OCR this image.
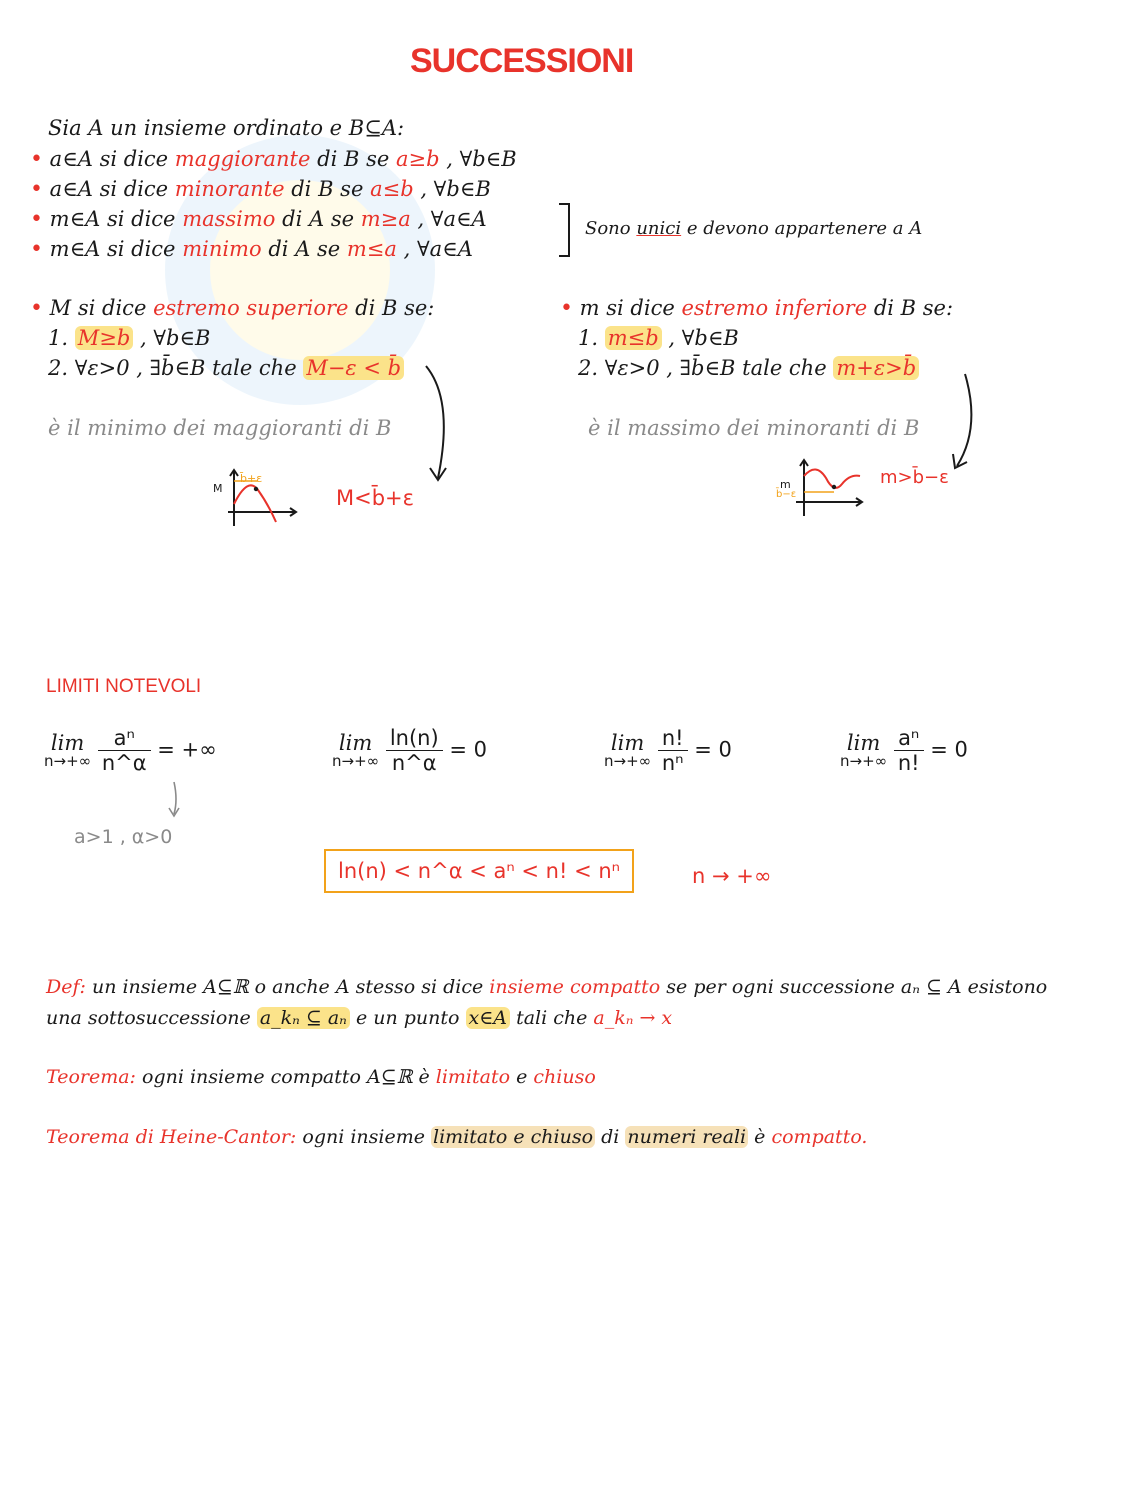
SUCCESSIONI
Sia A un insieme ordinato e B⊆A:
• a∈A si dice maggiorante di B se a≥b , ∀b∈B
• a∈A si dice minorante di B se a≤b , ∀b∈B
• m∈A si dice massimo di A se m≥a , ∀a∈A
• m∈A si dice minimo di A se m≤a , ∀a∈A
Sono unici e devono appartenere a A
• M si dice estremo superiore di B se:
1. M≥b , ∀b∈B
2. ∀ε>0 , ∃b̄∈B tale che M−ε < b̄
è il minimo dei maggioranti di B
M
b̄+ε
M<b̄+ε
• m si dice estremo inferiore di B se:
1. m≤b , ∀b∈B
2. ∀ε>0 , ∃b̄∈B tale che m+ε>b̄
è il massimo dei minoranti di B
m
b̄−ε
m>b̄−ε
LIMITI NOTEVOLI
lim
n→+∞
$\frac{\text{aⁿ}}{n\^{}\alpha}$ = +∞	lim
n→+∞
$\frac{\ln(n)}{n\^{}\alpha} = 0$	lim
n→+∞
$\frac{n!}{\text{nⁿ}} = 0$	lim
n→+∞
$\frac{\text{aⁿ}}{n!} = 0$
a>1 , α>0
ln(n) < n^α < aⁿ < n! < nⁿ	n → +∞
Def: un insieme A⊆ℝ o anche A stesso si dice insieme compatto se per ogni successione aₙ ⊆ A esistono
una sottosuccessione a_kₙ ⊆ aₙ e un punto x∈A tali che a_kₙ → x
Teorema: ogni insieme compatto A⊆ℝ è limitato e chiuso
Teorema di Heine-Cantor: ogni insieme limitato e chiuso di numeri reali è compatto.
